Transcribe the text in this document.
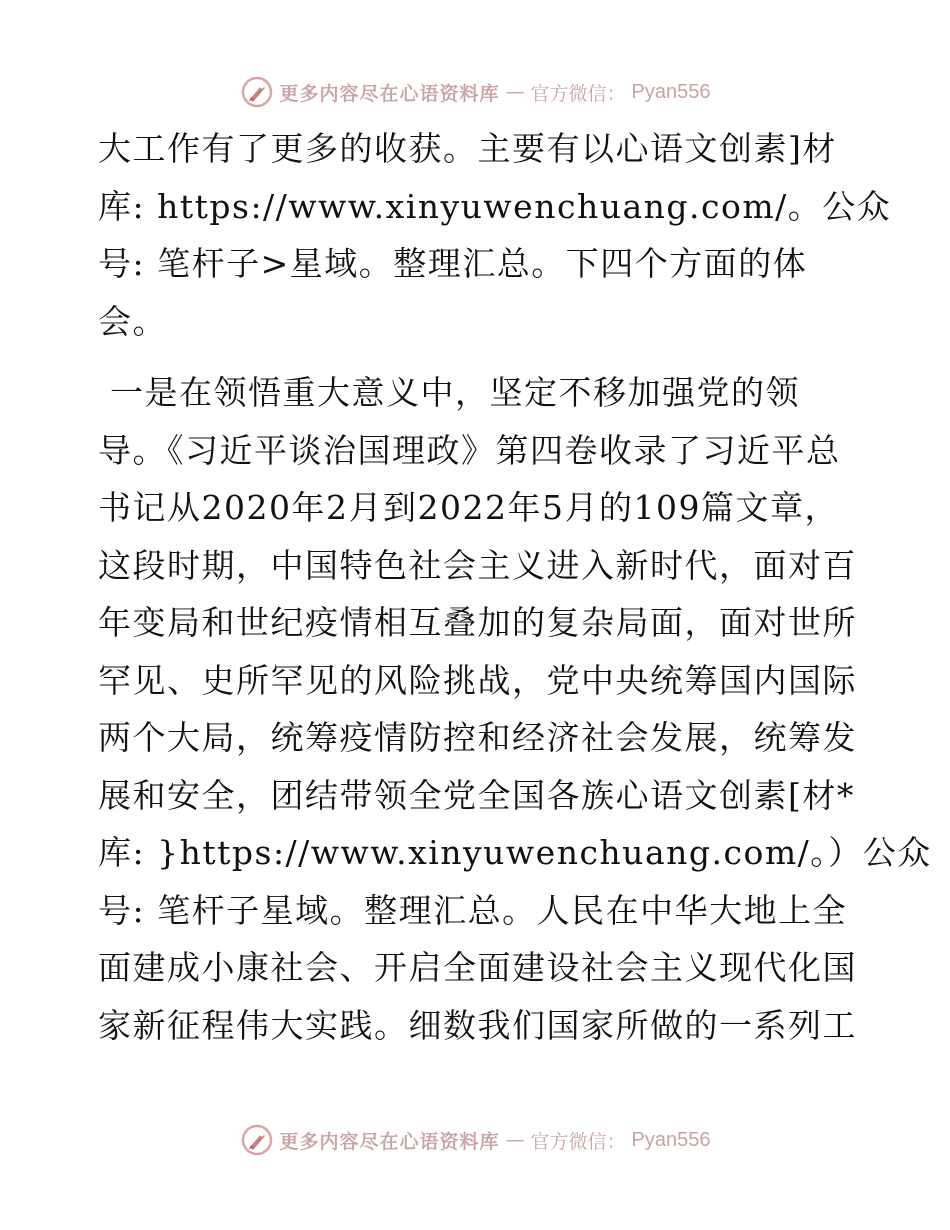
更多内容尽在心语资料库 — 官方微信： Pyan556
大工作有了更多的收获。主要有以心语文创素]材
库: https://www.xinyuwenchuang.com/。公众
号: 笔杆子>星域。整理汇总。下四个方面的体
会。
一是在领悟重大意义中，坚定不移加强党的领
导。《习近平谈治国理政》第四卷收录了习近平总
书记从2020年2月到2022年5月的109篇文章，
这段时期，中国特色社会主义进入新时代，面对百
年变局和世纪疫情相互叠加的复杂局面，面对世所
罕见、史所罕见的风险挑战，党中央统筹国内国际
两个大局，统筹疫情防控和经济社会发展，统筹发
展和安全，团结带领全党全国各族心语文创素[材*
库: }https://www.xinyuwenchuang.com/。）公众
号: 笔杆子星域。整理汇总。人民在中华大地上全
面建成小康社会、开启全面建设社会主义现代化国
家新征程伟大实践。细数我们国家所做的一系列工
更多内容尽在心语资料库 — 官方微信： Pyan556
